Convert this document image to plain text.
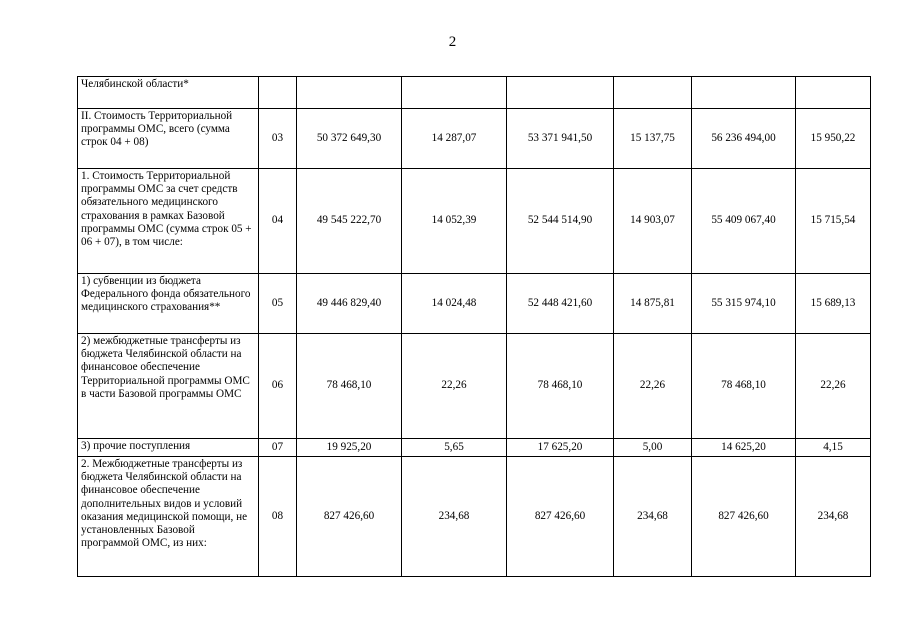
2
Челябинской области*							
II. Стоимость Территориальной программы ОМС, всего (сумма строк 04 + 08)	03	50 372 649,30	14 287,07	53 371 941,50	15 137,75	56 236 494,00	15 950,22
1. Стоимость Территориальной программы ОМС за счет средств обязательного медицинского страхования в рамках Базовой программы ОМС (сумма строк 05 + 06 + 07), в том числе:	04	49 545 222,70	14 052,39	52 544 514,90	14 903,07	55 409 067,40	15 715,54
1) субвенции из бюджета Федерального фонда обязательного медицинского страхования**	05	49 446 829,40	14 024,48	52 448 421,60	14 875,81	55 315 974,10	15 689,13
2) межбюджетные трансферты из бюджета Челябинской области на финансовое обеспечение Территориальной программы ОМС в части Базовой программы ОМС	06	78 468,10	22,26	78 468,10	22,26	78 468,10	22,26
3) прочие поступления	07	19 925,20	5,65	17 625,20	5,00	14 625,20	4,15
2. Межбюджетные трансферты из бюджета Челябинской области на финансовое обеспечение дополнительных видов и условий оказания медицинской помощи, не установленных Базовой программой ОМС, из них:	08	827 426,60	234,68	827 426,60	234,68	827 426,60	234,68
